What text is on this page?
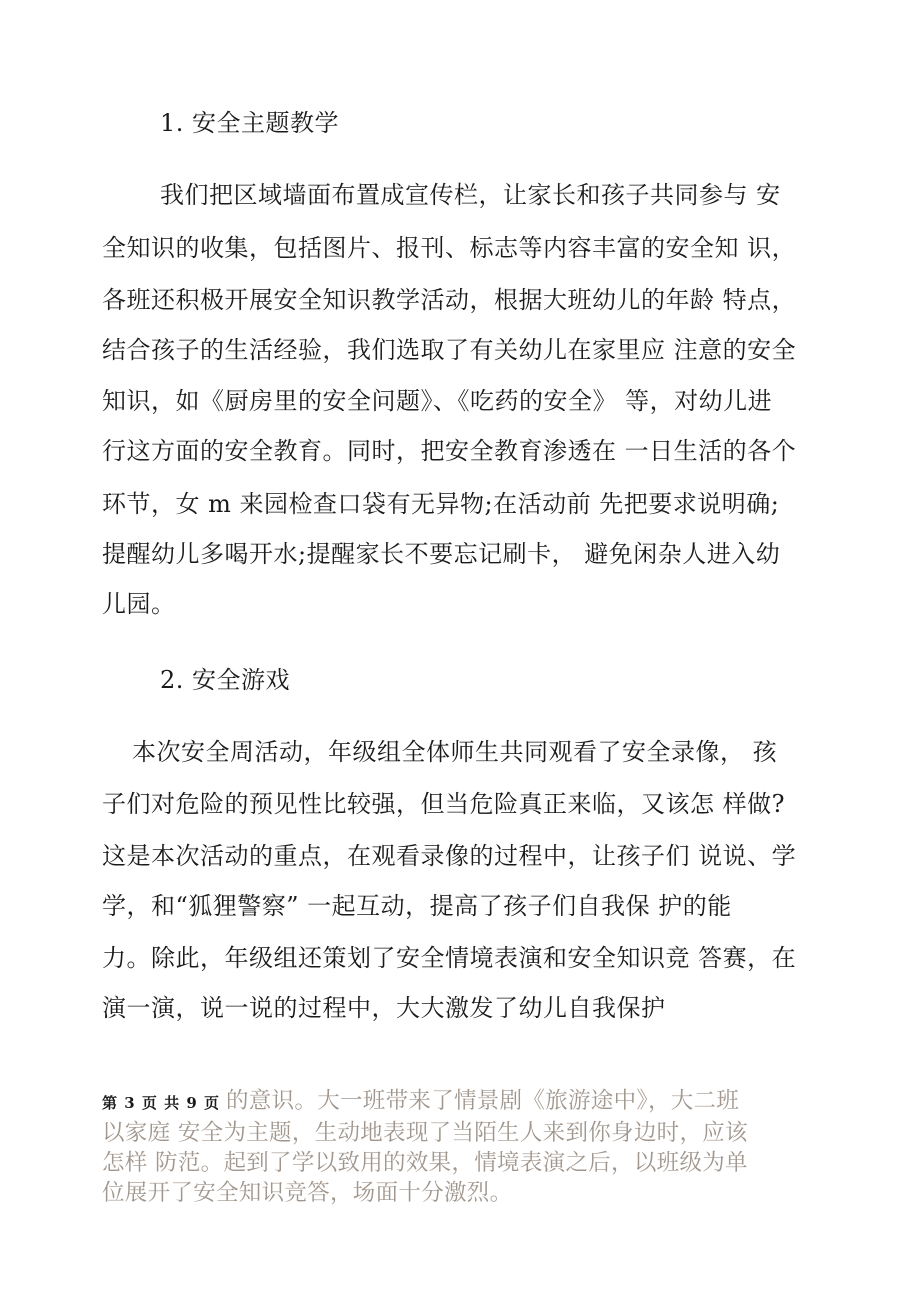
1. 安全主题教学
我们把区域墙面布置成宣传栏，让家长和孩子共同参与 安
全知识的收集，包括图片、报刊、标志等内容丰富的安全知 识，
各班还积极开展安全知识教学活动，根据大班幼儿的年龄 特点，
结合孩子的生活经验，我们选取了有关幼儿在家里应 注意的安全
知识，如《厨房里的安全问题》、《吃药的安全》 等，对幼儿进
行这方面的安全教育。同时，把安全教育渗透在 一日生活的各个
环节，女 m 来园检查口袋有无异物;在活动前 先把要求说明确;
提醒幼儿多喝开水;提醒家长不要忘记刷卡， 避免闲杂人进入幼
儿园。
2. 安全游戏
本次安全周活动，年级组全体师生共同观看了安全录像， 孩
子们对危险的预见性比较强，但当危险真正来临，又该怎 样做?
这是本次活动的重点，在观看录像的过程中，让孩子们 说说、学
学，和“狐狸警察” 一起互动，提高了孩子们自我保 护的能
力。除此，年级组还策划了安全情境表演和安全知识竞 答赛，在
演一演，说一说的过程中，大大激发了幼儿自我保护
第 3 页 共 9 页 的意识。大一班带来了情景剧《旅游途中》，大二班
以家庭 安全为主题，生动地表现了当陌生人来到你身边时，应该
怎样 防范。起到了学以致用的效果，情境表演之后，以班级为单
位展开了安全知识竞答，场面十分激烈。
